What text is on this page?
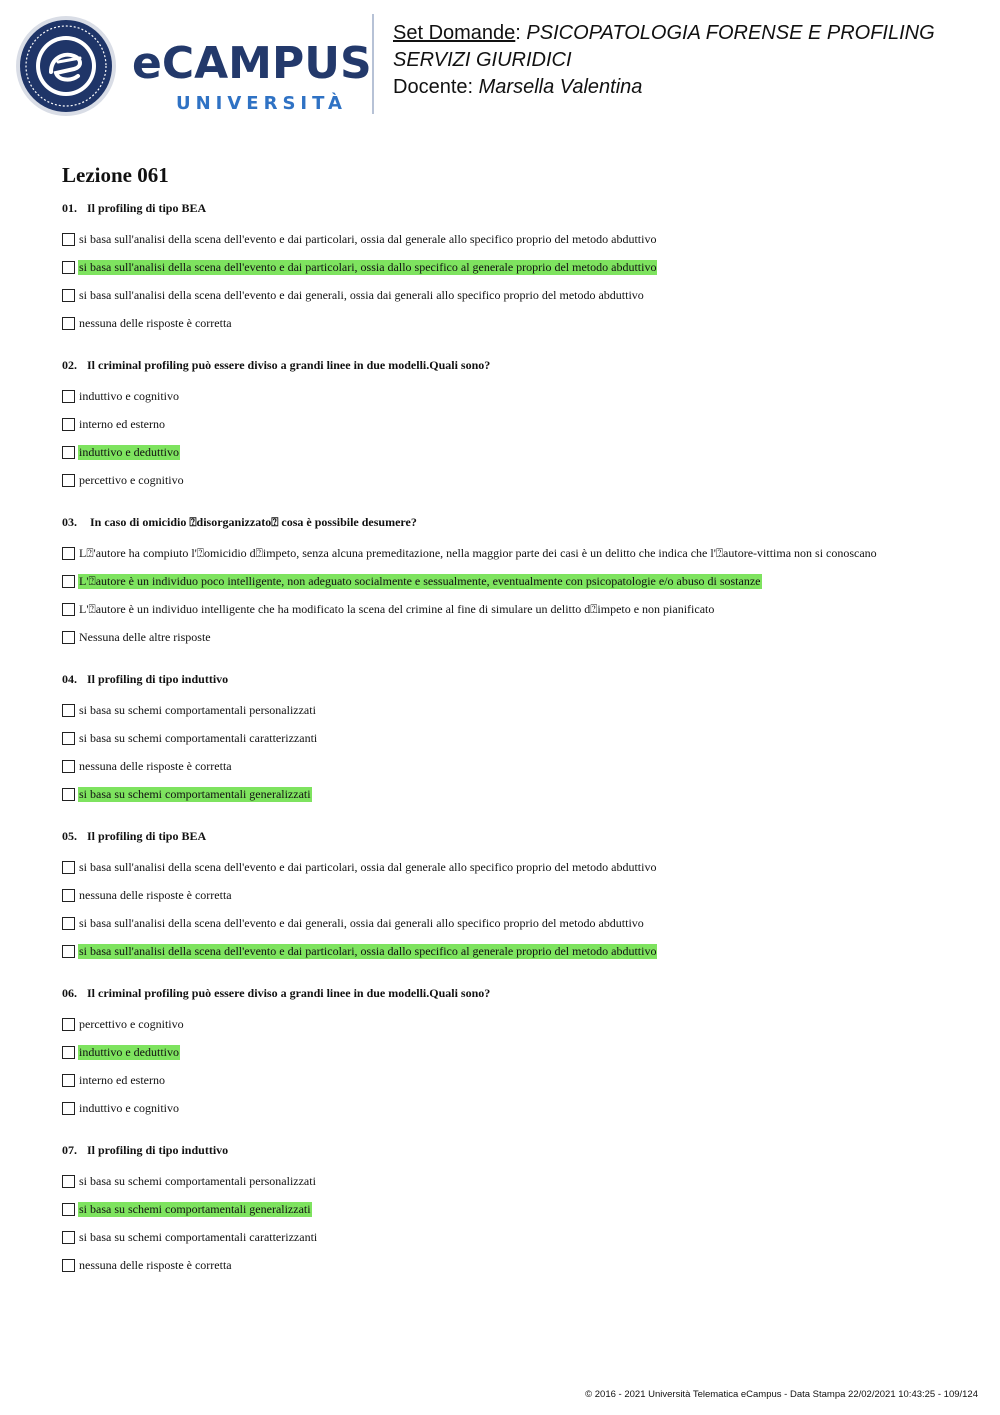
eCAMPUS
UNIVERSITÀ
Set Domande: PSICOPATOLOGIA FORENSE E PROFILING
SERVIZI GIURIDICI
Docente: Marsella Valentina
Lezione 061
01. Il profiling di tipo BEA
si basa sull'analisi della scena dell'evento e dai particolari, ossia dal generale allo specifico proprio del metodo abduttivo
si basa sull'analisi della scena dell'evento e dai particolari, ossia dallo specifico al generale proprio del metodo abduttivo
si basa sull'analisi della scena dell'evento e dai generali, ossia dai generali allo specifico proprio del metodo abduttivo
nessuna delle risposte è corretta
02. Il criminal profiling può essere diviso a grandi linee in due modelli.Quali sono?
induttivo e cognitivo
interno ed esterno
induttivo e deduttivo
percettivo e cognitivo
03. In caso di omicidio ⍰disorganizzato⍰ cosa è possibile desumere?
L⍰'autore ha compiuto l'⍰omicidio d⍰impeto, senza alcuna premeditazione, nella maggior parte dei casi è un delitto che indica che l'⍰autore-vittima non si conoscano
L'⍰autore è un individuo poco intelligente, non adeguato socialmente e sessualmente, eventualmente con psicopatologie e/o abuso di sostanze
L'⍰autore è un individuo intelligente che ha modificato la scena del crimine al fine di simulare un delitto d⍰impeto e non pianificato
Nessuna delle altre risposte
04. Il profiling di tipo induttivo
si basa su schemi comportamentali personalizzati
si basa su schemi comportamentali caratterizzanti
nessuna delle risposte è corretta
si basa su schemi comportamentali generalizzati
05. Il profiling di tipo BEA
si basa sull'analisi della scena dell'evento e dai particolari, ossia dal generale allo specifico proprio del metodo abduttivo
nessuna delle risposte è corretta
si basa sull'analisi della scena dell'evento e dai generali, ossia dai generali allo specifico proprio del metodo abduttivo
si basa sull'analisi della scena dell'evento e dai particolari, ossia dallo specifico al generale proprio del metodo abduttivo
06. Il criminal profiling può essere diviso a grandi linee in due modelli.Quali sono?
percettivo e cognitivo
induttivo e deduttivo
interno ed esterno
induttivo e cognitivo
07. Il profiling di tipo induttivo
si basa su schemi comportamentali personalizzati
si basa su schemi comportamentali generalizzati
si basa su schemi comportamentali caratterizzanti
nessuna delle risposte è corretta
© 2016 - 2021 Università Telematica eCampus - Data Stampa 22/02/2021 10:43:25 - 109/124
